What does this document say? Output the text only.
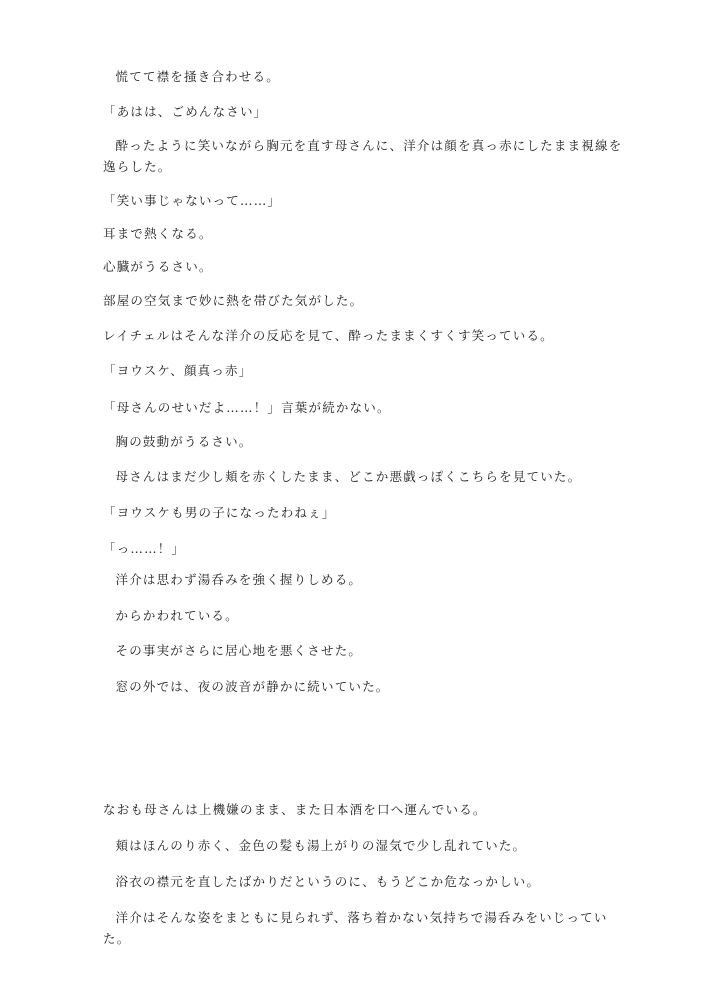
慌てて襟を掻き合わせる。
「あはは、ごめんなさい」
酔ったように笑いながら胸元を直す母さんに、洋介は顔を真っ赤にしたまま視線を逸らした。
「笑い事じゃないって……」
耳まで熱くなる。
心臓がうるさい。
部屋の空気まで妙に熱を帯びた気がした。
レイチェルはそんな洋介の反応を見て、酔ったままくすくす笑っている。
「ヨウスケ、顔真っ赤」
「母さんのせいだよ……！」言葉が続かない。
胸の鼓動がうるさい。
母さんはまだ少し頬を赤くしたまま、どこか悪戯っぽくこちらを見ていた。
「ヨウスケも男の子になったわねぇ」
「っ……！」
洋介は思わず湯呑みを強く握りしめる。
からかわれている。
その事実がさらに居心地を悪くさせた。
窓の外では、夜の波音が静かに続いていた。
なおも母さんは上機嫌のまま、また日本酒を口へ運んでいる。
頬はほんのり赤く、金色の髪も湯上がりの湿気で少し乱れていた。
浴衣の襟元を直したばかりだというのに、もうどこか危なっかしい。
洋介はそんな姿をまともに見られず、落ち着かない気持ちで湯呑みをいじっていた。
